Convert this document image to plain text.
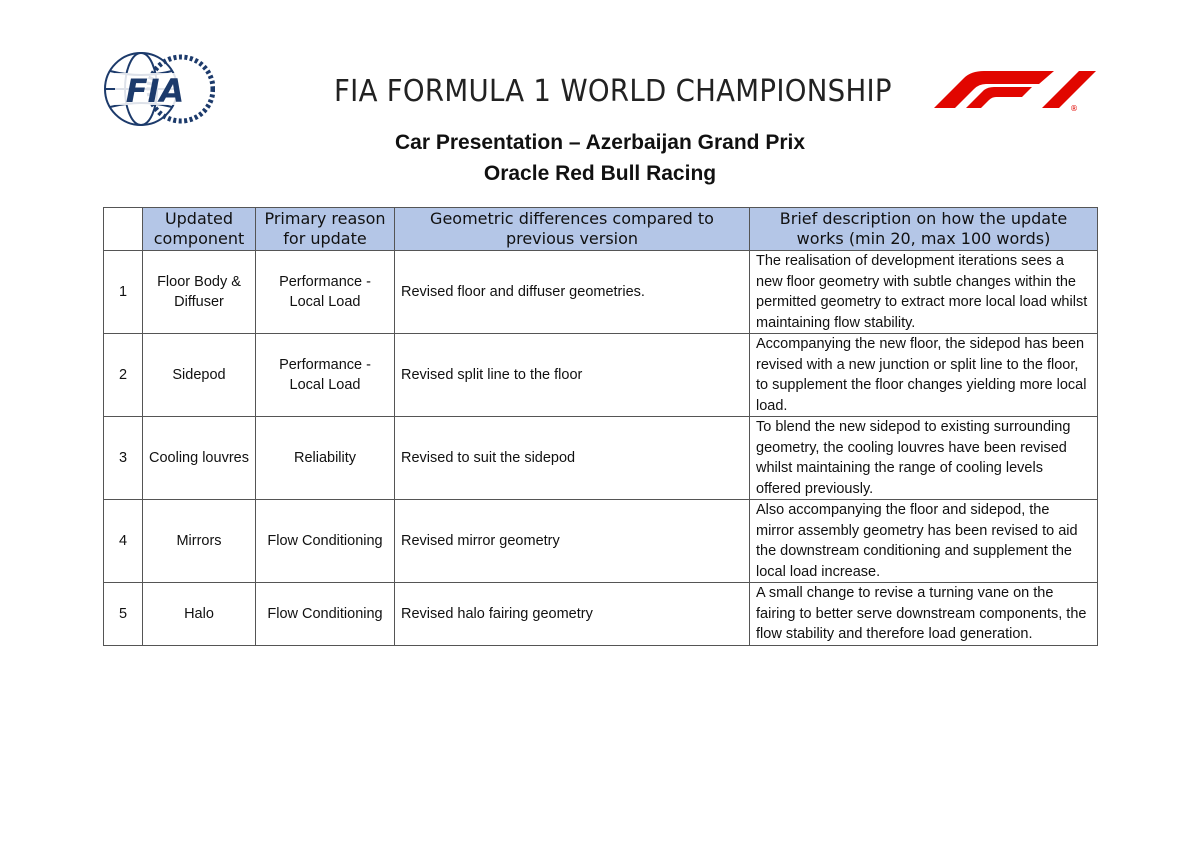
FIA	FIA FORMULA 1 WORLD CHAMPIONSHIP	®
Car Presentation – Azerbaijan Grand Prix
Oracle Red Bull Racing
	Updated component	Primary reason for update	Geometric differences compared to previous version	Brief description on how the update works (min 20, max 100 words)
1	Floor Body & Diffuser	Performance - Local Load	Revised floor and diffuser geometries.	The realisation of development iterations sees a new floor geometry with subtle changes within the permitted geometry to extract more local load whilst maintaining flow stability.
2	Sidepod	Performance - Local Load	Revised split line to the floor	Accompanying the new floor, the sidepod has been revised with a new junction or split line to the floor, to supplement the floor changes yielding more local load.
3	Cooling louvres	Reliability	Revised to suit the sidepod	To blend the new sidepod to existing surrounding geometry, the cooling louvres have been revised whilst maintaining the range of cooling levels offered previously.
4	Mirrors	Flow Conditioning	Revised mirror geometry	Also accompanying the floor and sidepod, the mirror assembly geometry has been revised to aid the downstream conditioning and supplement the local load increase.
5	Halo	Flow Conditioning	Revised halo fairing geometry	A small change to revise a turning vane on the fairing to better serve downstream components, the flow stability and therefore load generation.
